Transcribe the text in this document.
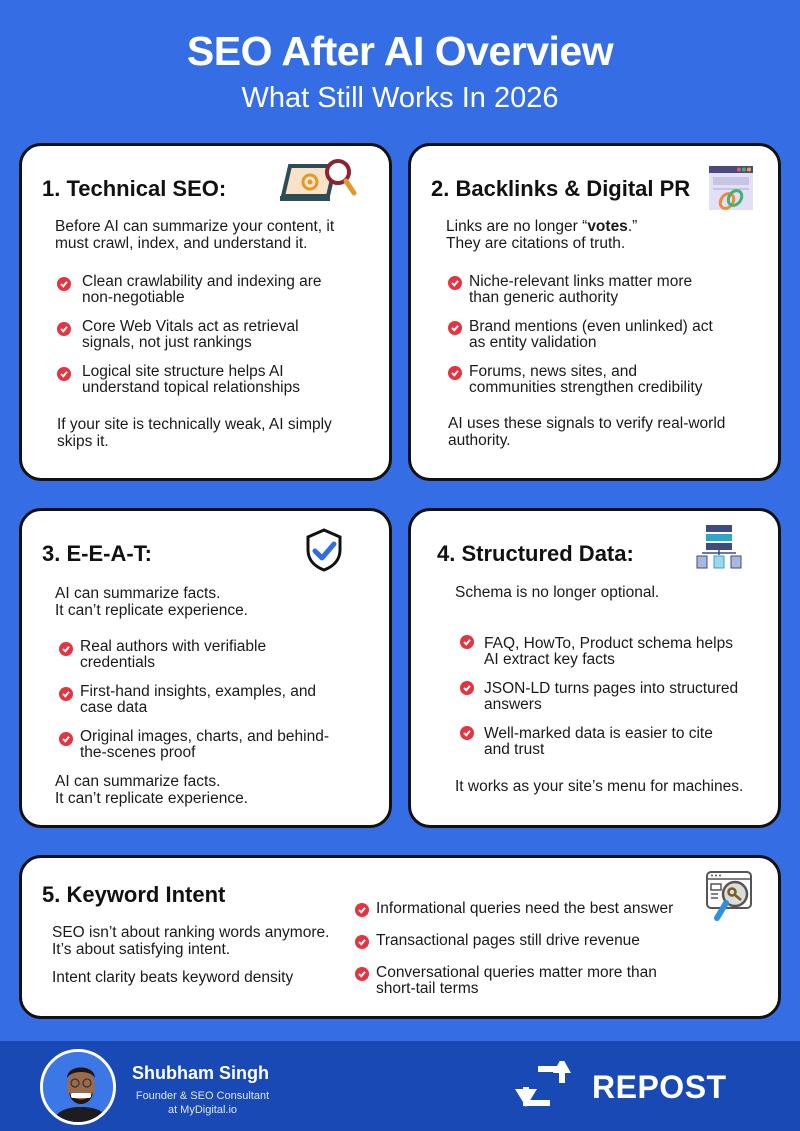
SEO After AI Overview
What Still Works In 2026
1. Technical SEO:
Before AI can summarize your content, it
must crawl, index, and understand it.
Clean crawlability and indexing are
non-negotiable
Core Web Vitals act as retrieval
signals, not just rankings
Logical site structure helps AI
understand topical relationships
If your site is technically weak, AI simply
skips it.
2. Backlinks & Digital PR
Links are no longer “votes.”
They are citations of truth.
Niche-relevant links matter more
than generic authority
Brand mentions (even unlinked) act
as entity validation
Forums, news sites, and
communities strengthen credibility
AI uses these signals to verify real-world
authority.
3. E-E-A-T:
AI can summarize facts.
It can’t replicate experience.
Real authors with verifiable
credentials
First-hand insights, examples, and
case data
Original images, charts, and behind-
the-scenes proof
AI can summarize facts.
It can’t replicate experience.
4. Structured Data:
Schema is no longer optional.
FAQ, HowTo, Product schema helps
AI extract key facts
JSON-LD turns pages into structured
answers
Well-marked data is easier to cite
and trust
It works as your site’s menu for machines.
5. Keyword Intent
SEO isn’t about ranking words anymore.
It’s about satisfying intent.
Intent clarity beats keyword density
Informational queries need the best answer
Transactional pages still drive revenue
Conversational queries matter more than
short-tail terms
Shubham Singh
Founder & SEO Consultant
at MyDigital.io
REPOST
